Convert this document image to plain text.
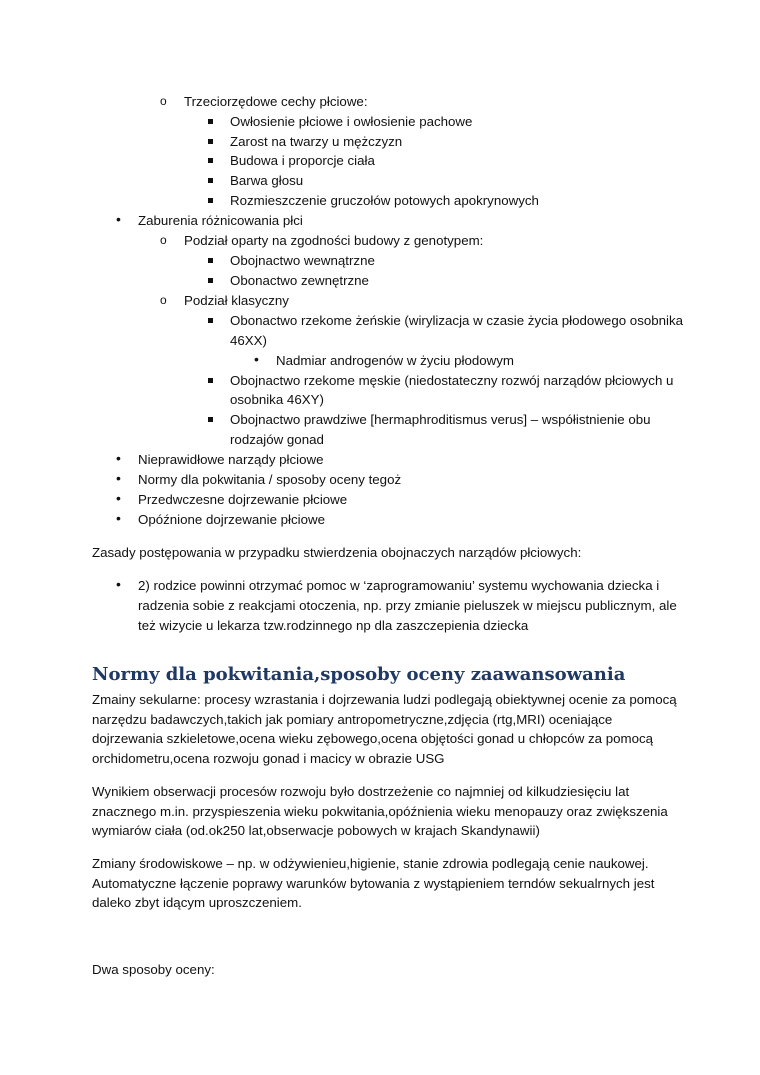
o Trzeciorzędowe cechy płciowe:
Owłosienie płciowe i owłosienie pachowe
Zarost na twarzy u mężczyzn
Budowa i proporcje ciała
Barwa głosu
Rozmieszczenie gruczołów potowych apokrynowych
• Zaburenia różnicowania płci
o Podział oparty na zgodności budowy z genotypem:
Obojnactwo wewnątrzne
Obonactwo zewnętrzne
o Podział klasyczny
Obonactwo rzekome żeńskie (wirylizacja w czasie życia płodowego osobnika
46XX)
• Nadmiar androgenów w życiu płodowym
Obojnactwo rzekome męskie (niedostateczny rozwój narządów płciowych u
osobnika 46XY)
Obojnactwo prawdziwe [hermaphroditismus verus] – współistnienie obu
rodzajów gonad
• Nieprawidłowe narządy płciowe
• Normy dla pokwitania / sposoby oceny tegoż
• Przedwczesne dojrzewanie płciowe
• Opóźnione dojrzewanie płciowe
Zasady postępowania w przypadku stwierdzenia obojnaczych narządów płciowych:
• 2) rodzice powinni otrzymać pomoc w ‘zaprogramowaniu’ systemu wychowania dziecka i
radzenia sobie z reakcjami otoczenia, np. przy zmianie pieluszek w miejscu publicznym, ale
też wizycie u lekarza tzw.rodzinnego np dla zaszczepienia dziecka
Normy dla pokwitania,sposoby oceny zaawansowania
Zmainy sekularne: procesy wzrastania i dojrzewania ludzi podlegają obiektywnej ocenie za pomocą narzędzu badawczych,takich jak pomiary antropometryczne,zdjęcia (rtg,MRI) oceniające dojrzewania szkieletowe,ocena wieku zębowego,ocena objętości gonad u chłopców za pomocą orchidometru,ocena rozwoju gonad i macicy w obrazie USG
Wynikiem obserwacji procesów rozwoju było dostrzeżenie co najmniej od kilkudziesięciu lat znacznego m.in. przyspieszenia wieku pokwitania,opóźnienia wieku menopauzy oraz zwiększenia wymiarów ciała (od.ok250 lat,obserwacje pobowych w krajach Skandynawii)
Zmiany środowiskowe – np. w odżywienieu,higienie, stanie zdrowia podlegają cenie naukowej. Automatyczne łączenie poprawy warunków bytowania z wystąpieniem terndów sekualrnych jest daleko zbyt idącym uproszczeniem.
Dwa sposoby oceny:
